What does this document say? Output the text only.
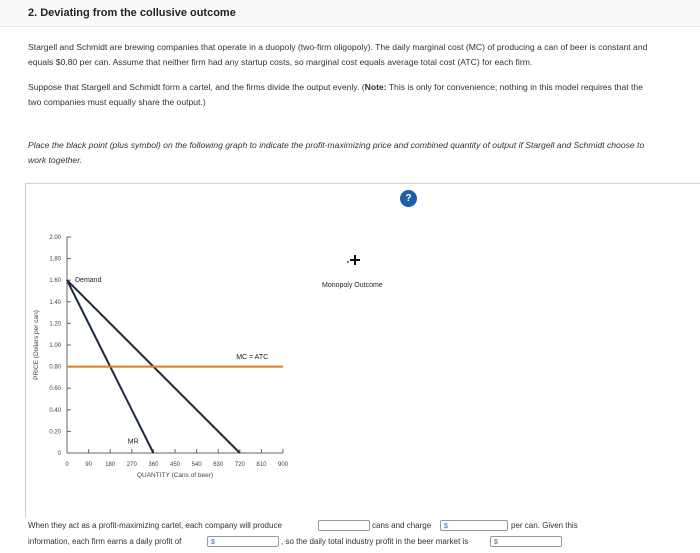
2. Deviating from the collusive outcome
Stargell and Schmidt are brewing companies that operate in a duopoly (two-firm oligopoly). The daily marginal cost (MC) of producing a can of beer is constant and equals $0.80 per can. Assume that neither firm had any startup costs, so marginal cost equals average total cost (ATC) for each firm.
Suppose that Stargell and Schmidt form a cartel, and the firms divide the output evenly. (Note: This is only for convenience; nothing in this model requires that the two companies must equally share the output.)
Place the black point (plus symbol) on the following graph to indicate the profit-maximizing price and combined quantity of output if Stargell and Schmidt choose to work together.
?
2.00
1.80
1.60
1.40
1.20
1.00
0.80
0.60
0.40
0.20
0
0	90 180 270 360 450 540 630 720 810 900
Demand
MR
MC = ATC
PRICE (Dollars per can)
QUANTITY (Cans of beer)
Monopoly Outcome
When they act as a profit-maximizing cartel, each company will produce	cans and charge	$	per can. Given this
information, each firm earns a daily profit of	$	, so the daily total industry profit in the beer market is	$
